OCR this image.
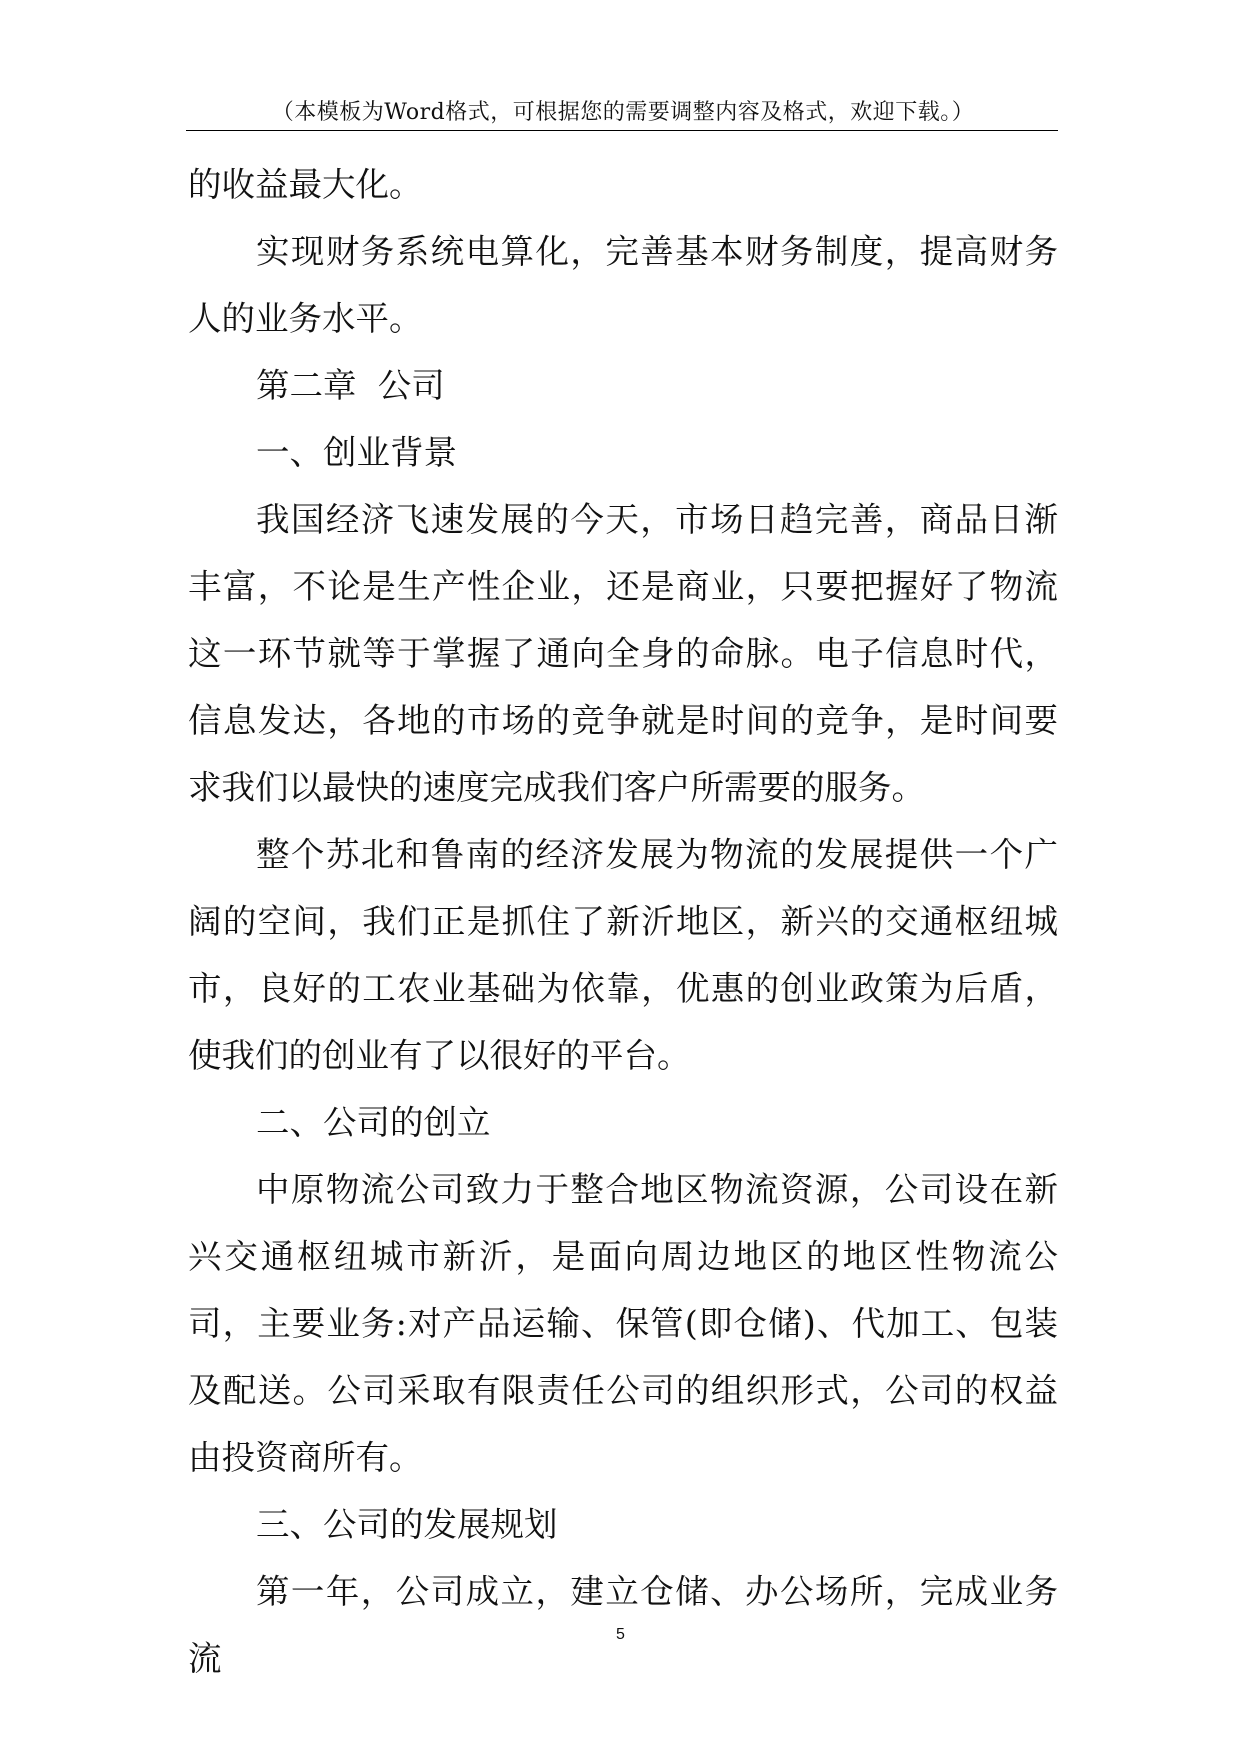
（本模板为Word格式，可根据您的需要调整内容及格式，欢迎下载。）

的收益最大化。

实现财务系统电算化，完善基本财务制度，提高财务人的业务水平。

第二章  公司

一、创业背景

我国经济飞速发展的今天，市场日趋完善，商品日渐丰富，不论是生产性企业，还是商业，只要把握好了物流这一环节就等于掌握了通向全身的命脉。电子信息时代，信息发达，各地的市场的竞争就是时间的竞争，是时间要求我们以最快的速度完成我们客户所需要的服务。

整个苏北和鲁南的经济发展为物流的发展提供一个广阔的空间，我们正是抓住了新沂地区，新兴的交通枢纽城市，良好的工农业基础为依靠，优惠的创业政策为后盾，使我们的创业有了以很好的平台。

二、公司的创立

中原物流公司致力于整合地区物流资源，公司设在新兴交通枢纽城市新沂，是面向周边地区的地区性物流公司，主要业务:对产品运输、保管(即仓储)、代加工、包装及配送。公司采取有限责任公司的组织形式，公司的权益由投资商所有。

三、公司的发展规划

第一年，公司成立，建立仓储、办公场所，完成业务流

5
